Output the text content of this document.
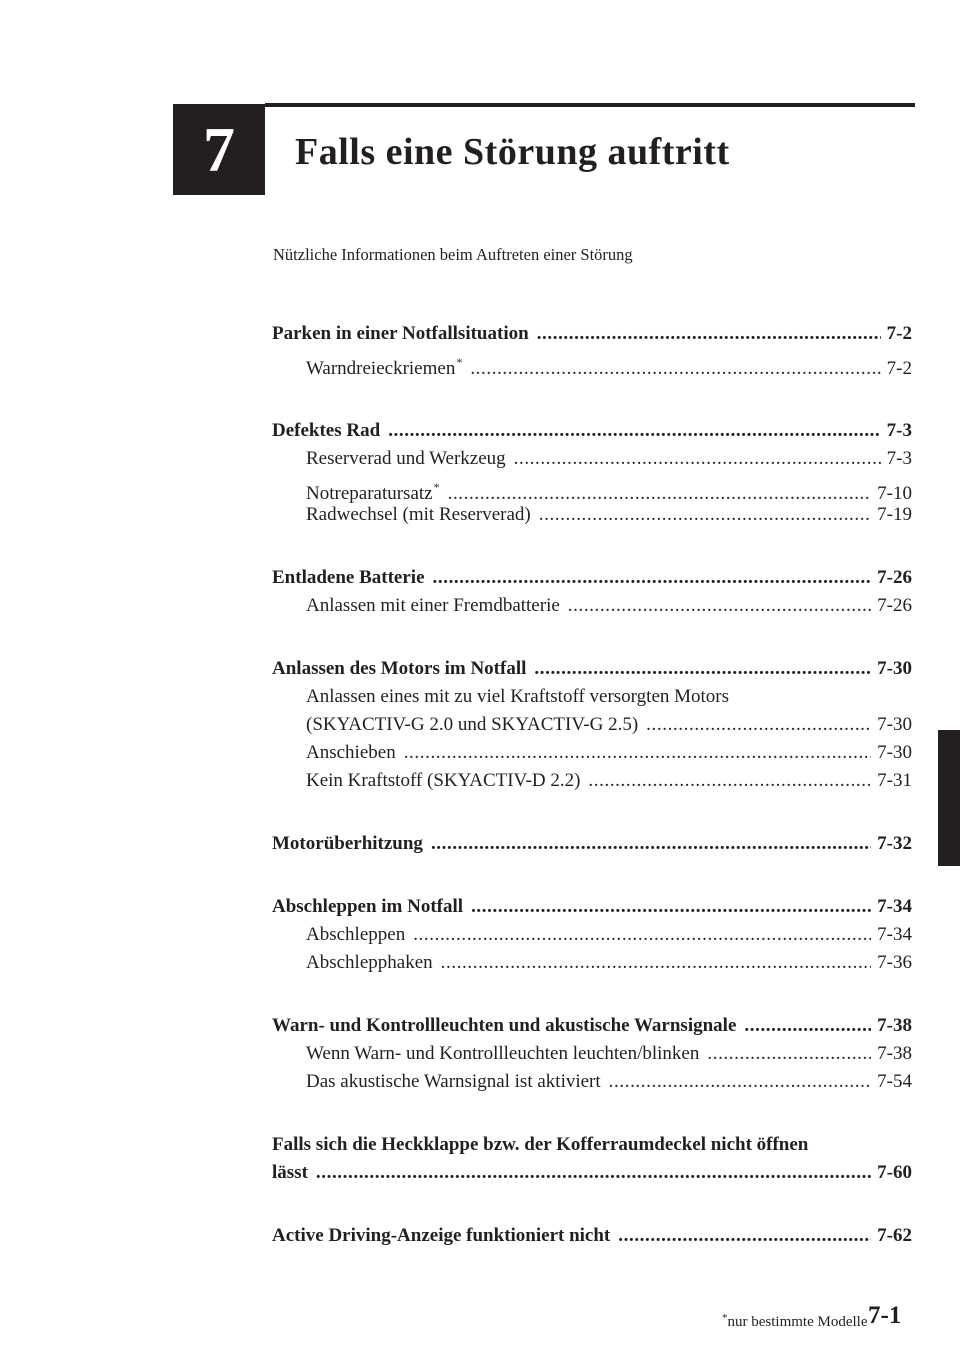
7 Falls eine Störung auftritt
Nützliche Informationen beim Auftreten einer Störung
Parken in einer Notfallsituation .....	7-2
Warndreieckriemen* .....	7-2
Defektes Rad .....	7-3
Reserverad und Werkzeug .....	7-3
Notreparatursatz* .....	7-10
Radwechsel (mit Reserverad) .....	7-19
Entladene Batterie .....	7-26
Anlassen mit einer Fremdbatterie .....	7-26
Anlassen des Motors im Notfall .....	7-30
Anlassen eines mit zu viel Kraftstoff versorgten Motors
(SKYACTIV-G 2.0 und SKYACTIV-G 2.5) .....	7-30
Anschieben .....	7-30
Kein Kraftstoff (SKYACTIV-D 2.2) .....	7-31
Motorüberhitzung .....	7-32
Abschleppen im Notfall .....	7-34
Abschleppen .....	7-34
Abschlepphaken .....	7-36
Warn- und Kontrollleuchten und akustische Warnsignale .....	7-38
Wenn Warn- und Kontrollleuchten leuchten/blinken .....	7-38
Das akustische Warnsignal ist aktiviert .....	7-54
Falls sich die Heckklappe bzw. der Kofferraumdeckel nicht öffnen
lässt .....	7-60
Active Driving-Anzeige funktioniert nicht .....	7-62
*nur bestimmte Modelle 7-1
